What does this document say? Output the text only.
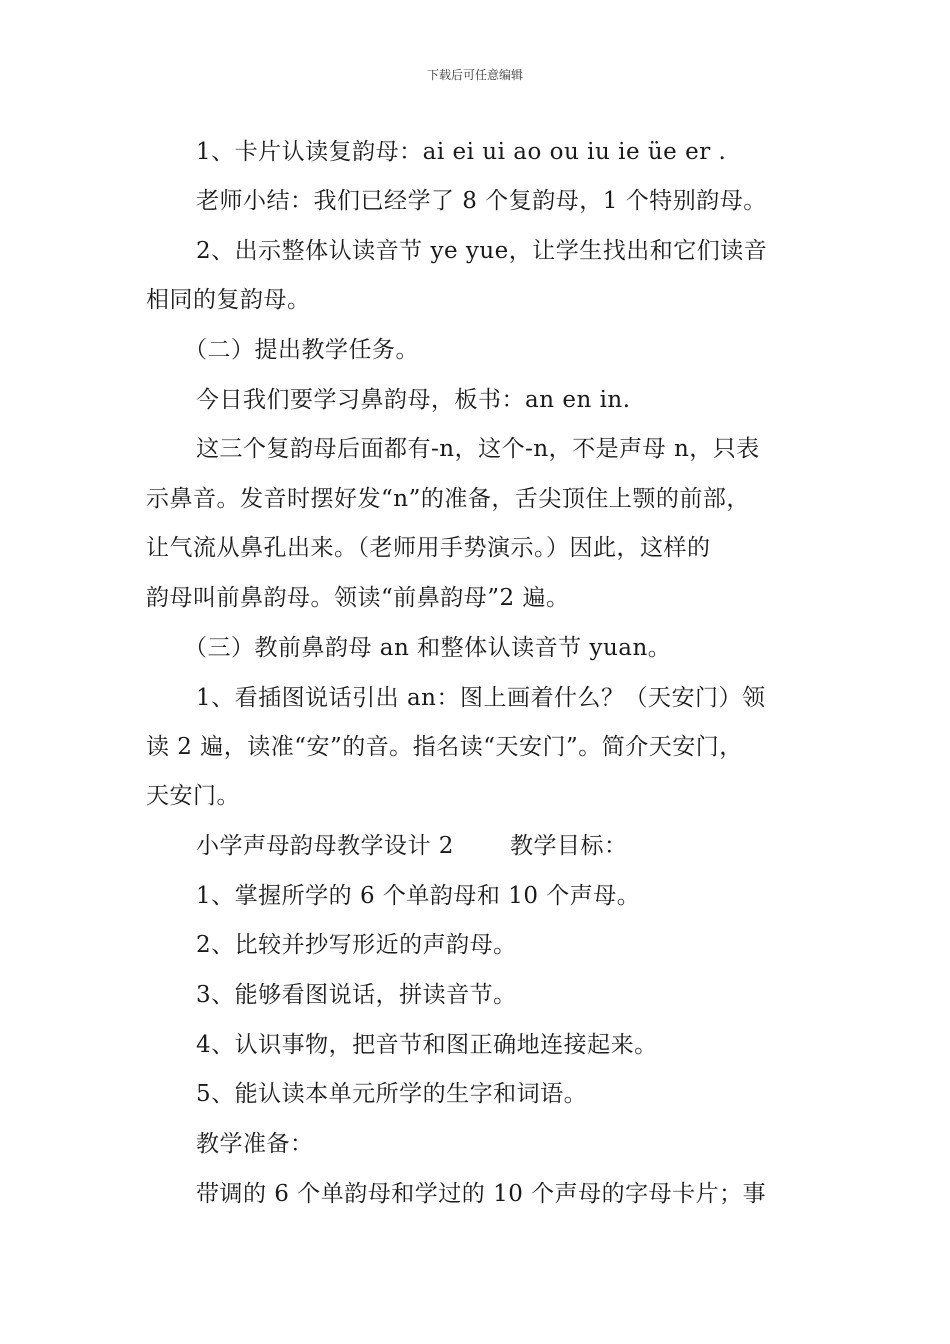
下载后可任意编辑
1、卡片认读复韵母：ai ei ui ao ou iu ie üe er .
老师小结：我们已经学了 8 个复韵母，1 个特别韵母。
2、出示整体认读音节 ye yue，让学生找出和它们读音
相同的复韵母。
（二）提出教学任务。
今日我们要学习鼻韵母，板书：an en in.
这三个复韵母后面都有-n，这个-n，不是声母 n，只表
示鼻音。发音时摆好发“n”的准备，舌尖顶住上颚的前部，
让气流从鼻孔出来。（老师用手势演示。）因此，这样的
韵母叫前鼻韵母。领读“前鼻韵母”2 遍。
（三）教前鼻韵母 an 和整体认读音节 yuan。
1、看插图说话引出 an：图上画着什么？（天安门）领
读 2 遍，读准“安”的音。指名读“天安门”。简介天安门，
天安门。
小学声母韵母教学设计 2 教学目标：
1、掌握所学的 6 个单韵母和 10 个声母。
2、比较并抄写形近的声韵母。
3、能够看图说话，拼读音节。
4、认识事物，把音节和图正确地连接起来。
5、能认读本单元所学的生字和词语。
教学准备：
带调的 6 个单韵母和学过的 10 个声母的字母卡片；事
